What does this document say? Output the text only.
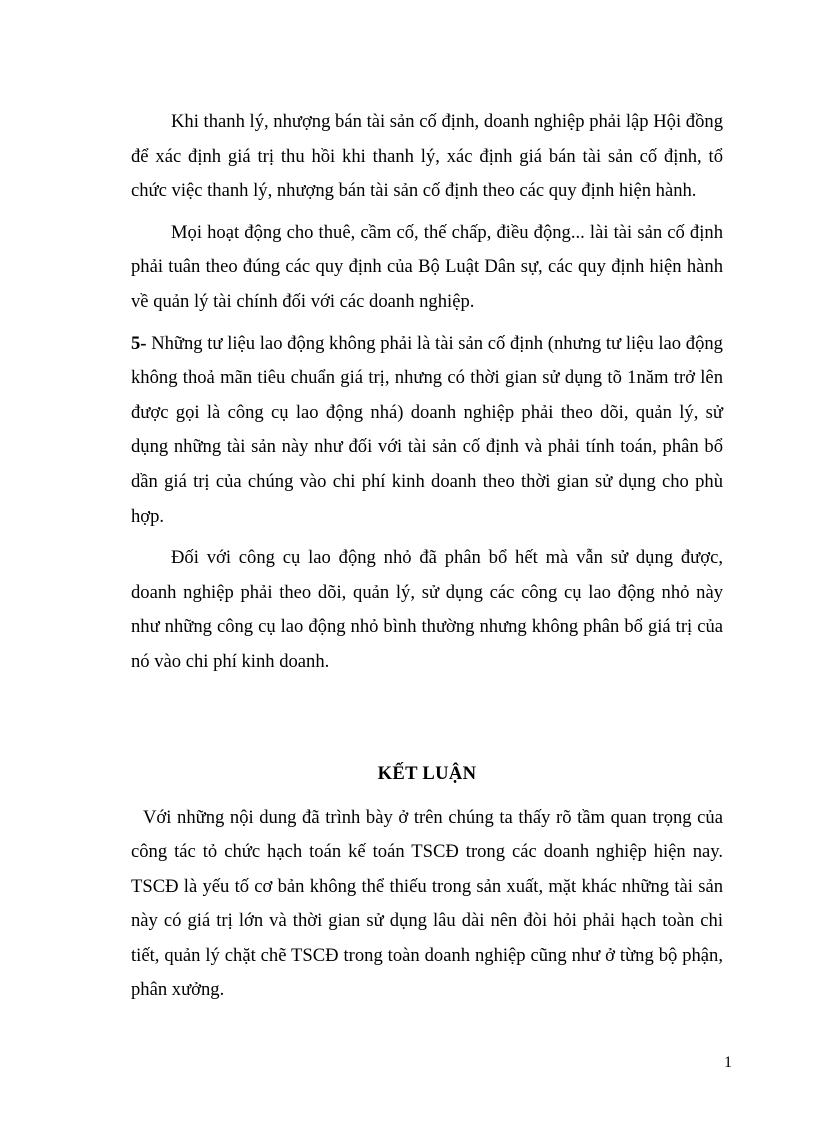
Khi thanh lý, nhượng bán tài sản cố định, doanh nghiệp phải lập Hội đồng để xác định giá trị thu hồi khi thanh lý, xác định giá bán tài sản cố định, tổ chức việc thanh lý, nhượng bán tài sản cố định theo các quy định hiện hành.

Mọi hoạt động cho thuê, cầm cố, thế chấp, điều động... lài tài sản cố định phải tuân theo đúng các quy định của Bộ Luật Dân sự, các quy định hiện hành về quản lý tài chính đối với các doanh nghiệp.

5- Những tư liệu lao động không phải là tài sản cố định (nhưng tư liệu lao động không thoả mãn tiêu chuẩn giá trị, nhưng có thời gian sử dụng tõ 1năm trở lên được gọi là công cụ lao động nhá) doanh nghiệp phải theo dõi, quản lý, sử dụng những tài sản này như đối với tài sản cố định và phải tính toán, phân bổ dần giá trị của chúng vào chi phí kinh doanh theo thời gian sử dụng cho phù hợp.

Đối với công cụ lao động nhỏ đã phân bổ hết mà vẫn sử dụng được, doanh nghiệp phải theo dõi, quản lý, sử dụng các công cụ lao động nhỏ này như những công cụ lao động nhỏ bình thường nhưng không phân bổ giá trị của nó vào chi phí kinh doanh.

KẾT LUẬN

Với những nội dung đã trình bày ở trên chúng ta thấy rõ tầm quan trọng của công tác tỏ chức hạch toán kế toán TSCĐ trong các doanh nghiệp hiện nay. TSCĐ là yếu tố cơ bản không thể thiếu trong sản xuất, mặt khác những tài sản này có giá trị lớn và thời gian sử dụng lâu dài nên đòi hỏi phải hạch toàn chi tiết, quản lý chặt chẽ TSCĐ trong toàn doanh nghiệp cũng như ở từng bộ phận, phân xưởng.

1
